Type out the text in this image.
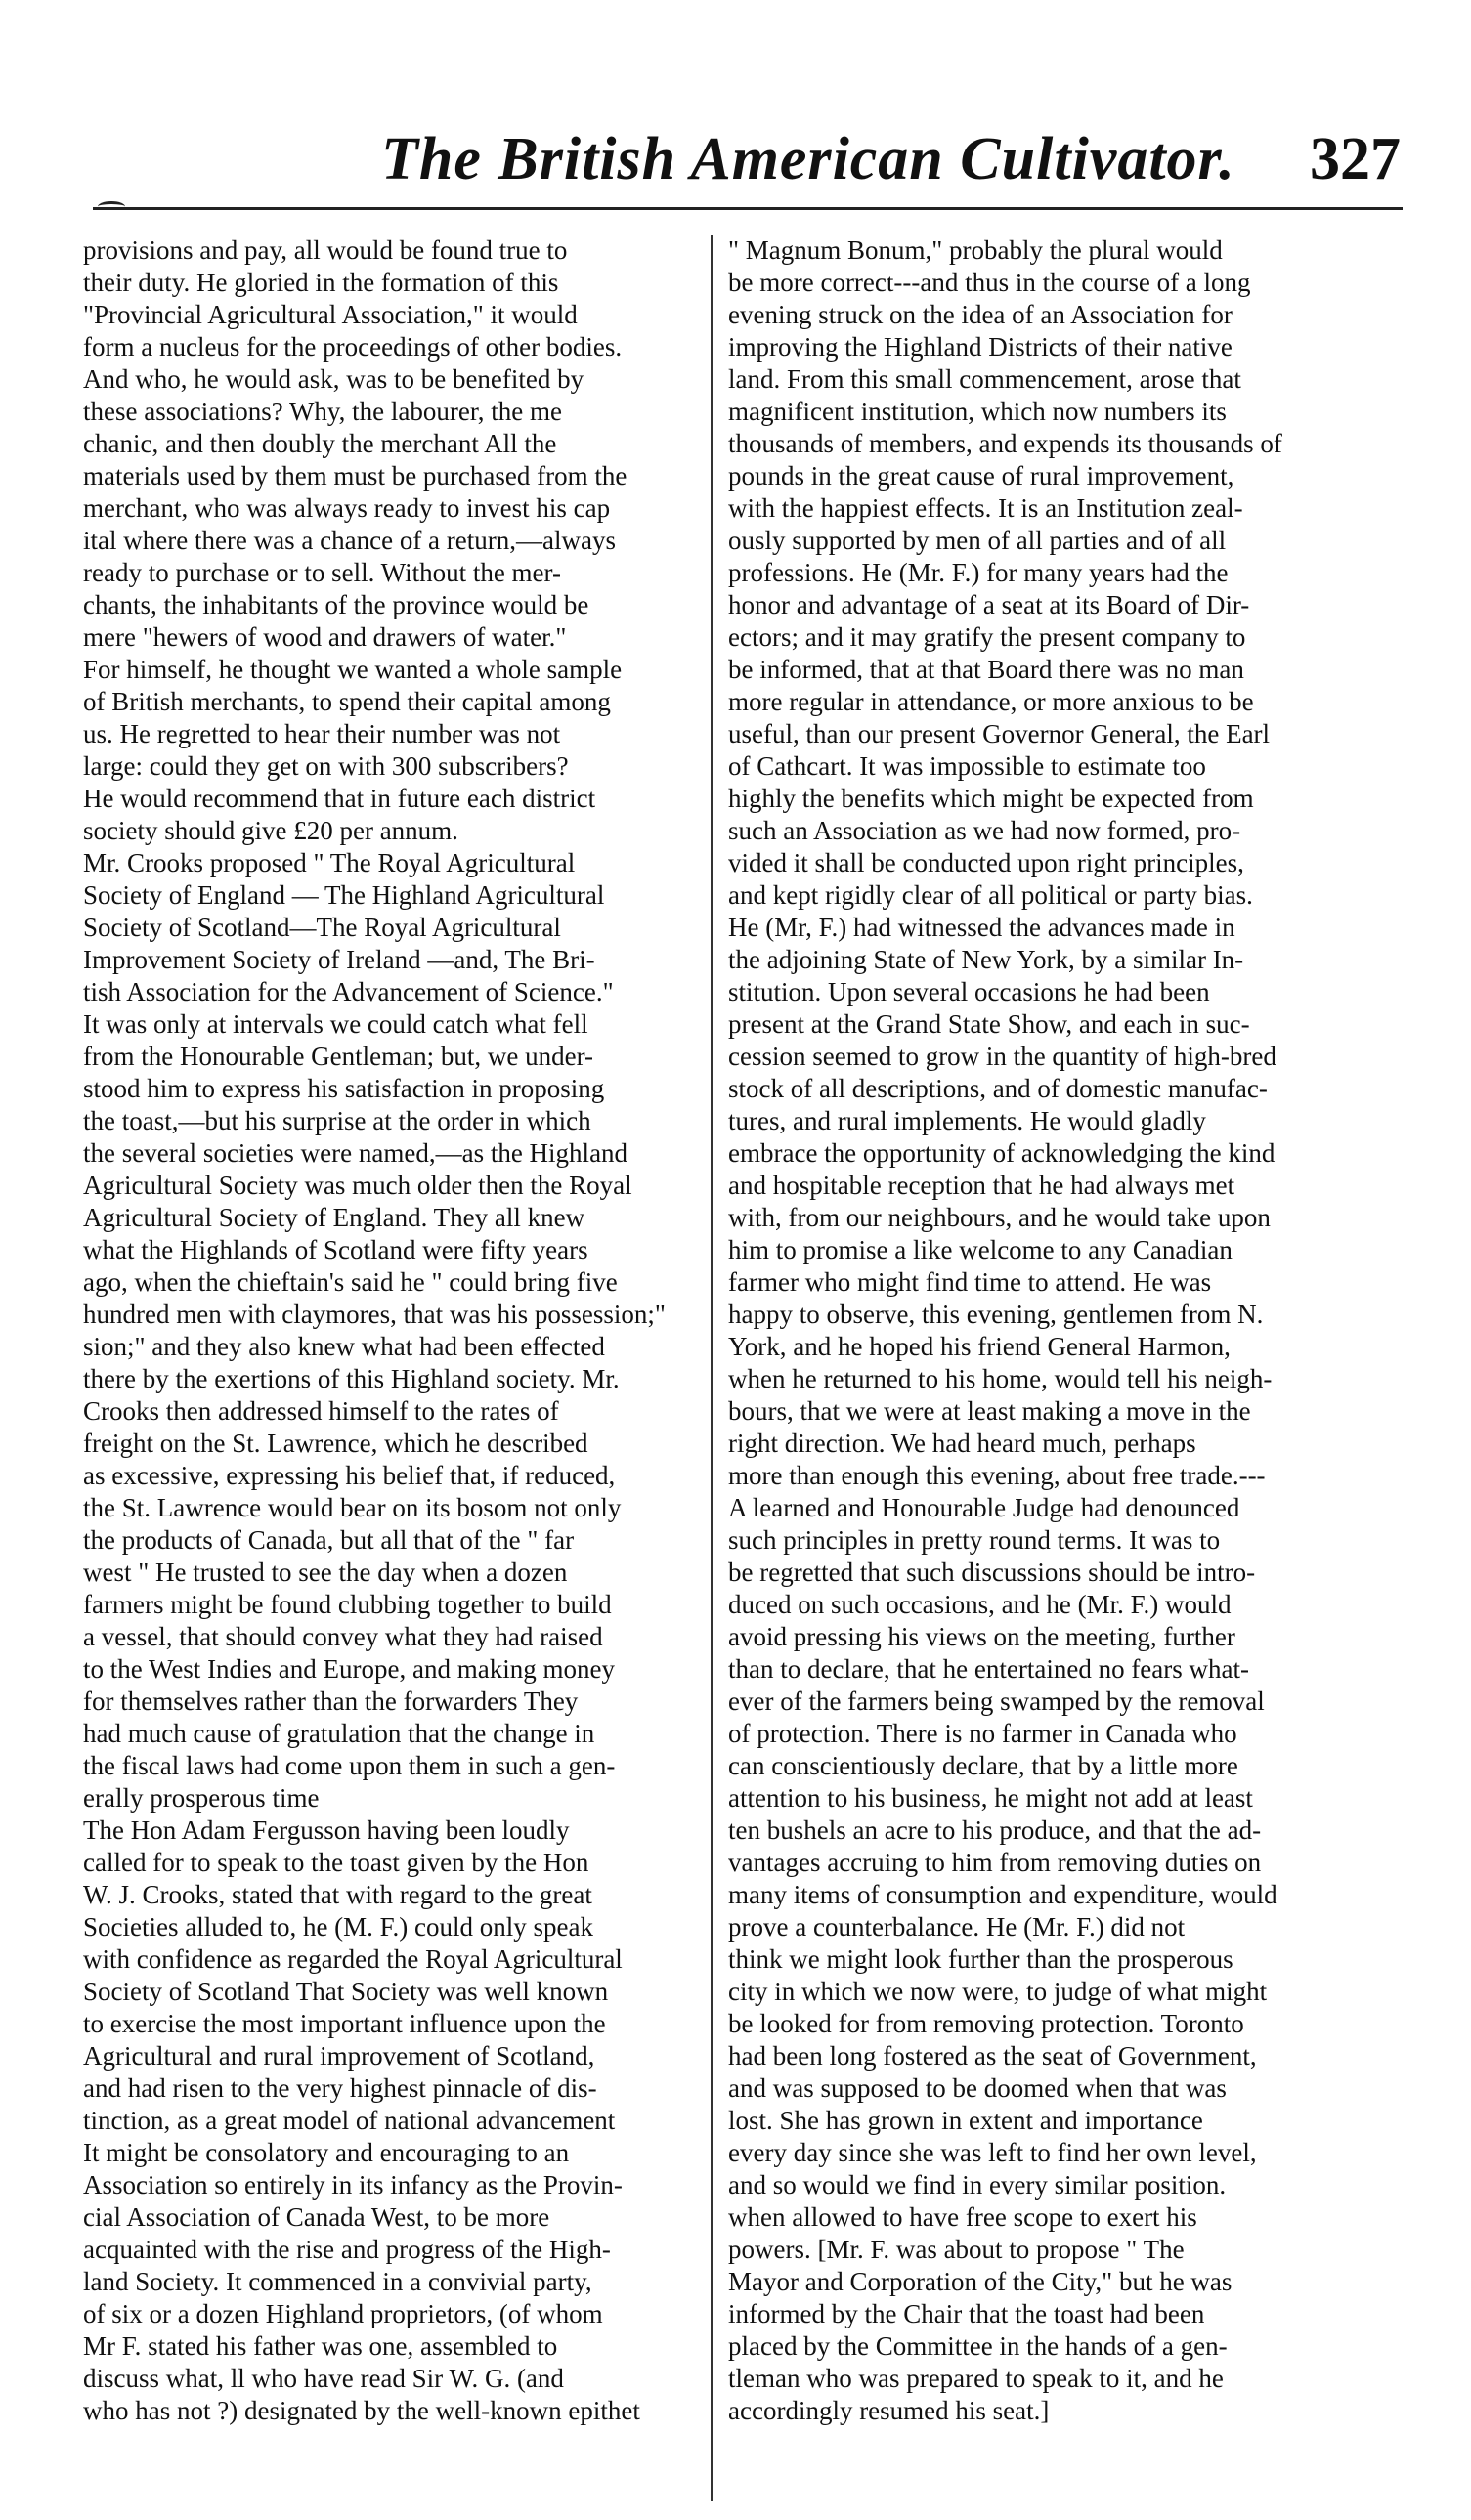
The British American Cultivator. 327
provisions and pay, all would be found true to
their duty. He gloried in the formation of this
"Provincial Agricultural Association," it would
form a nucleus for the proceedings of other bodies.
And who, he would ask, was to be benefited by
these associations? Why, the labourer, the me
chanic, and then doubly the merchant All the
materials used by them must be purchased from the
merchant, who was always ready to invest his cap
ital where there was a chance of a return,—always
ready to purchase or to sell. Without the mer-
chants, the inhabitants of the province would be
mere "hewers of wood and drawers of water."
For himself, he thought we wanted a whole sample
of British merchants, to spend their capital among
us. He regretted to hear their number was not
large: could they get on with 300 subscribers?
He would recommend that in future each district
society should give £20 per annum.
Mr. Crooks proposed " The Royal Agricultural
Society of England — The Highland Agricultural
Society of Scotland—The Royal Agricultural
Improvement Society of Ireland —and, The Bri-
tish Association for the Advancement of Science."
It was only at intervals we could catch what fell
from the Honourable Gentleman; but, we under-
stood him to express his satisfaction in proposing
the toast,—but his surprise at the order in which
the several societies were named,—as the Highland
Agricultural Society was much older then the Royal
Agricultural Society of England. They all knew
what the Highlands of Scotland were fifty years
ago, when the chieftain's said he " could bring five
hundred men with claymores, that was his possession;"
sion;" and they also knew what had been effected
there by the exertions of this Highland society. Mr.
Crooks then addressed himself to the rates of
freight on the St. Lawrence, which he described
as excessive, expressing his belief that, if reduced,
the St. Lawrence would bear on its bosom not only
the products of Canada, but all that of the " far
west " He trusted to see the day when a dozen
farmers might be found clubbing together to build
a vessel, that should convey what they had raised
to the West Indies and Europe, and making money
for themselves rather than the forwarders They
had much cause of gratulation that the change in
the fiscal laws had come upon them in such a gen-
erally prosperous time
The Hon Adam Fergusson having been loudly
called for to speak to the toast given by the Hon
W. J. Crooks, stated that with regard to the great
Societies alluded to, he (M. F.) could only speak
with confidence as regarded the Royal Agricultural
Society of Scotland That Society was well known
to exercise the most important influence upon the
Agricultural and rural improvement of Scotland,
and had risen to the very highest pinnacle of dis-
tinction, as a great model of national advancement
It might be consolatory and encouraging to an
Association so entirely in its infancy as the Provin-
cial Association of Canada West, to be more
acquainted with the rise and progress of the High-
land Society. It commenced in a convivial party,
of six or a dozen Highland proprietors, (of whom
Mr F. stated his father was one, assembled to
discuss what, ll who have read Sir W. G. (and
who has not ?) designated by the well-known epithet
" Magnum Bonum," probably the plural would
be more correct---and thus in the course of a long
evening struck on the idea of an Association for
improving the Highland Districts of their native
land. From this small commencement, arose that
magnificent institution, which now numbers its
thousands of members, and expends its thousands of
pounds in the great cause of rural improvement,
with the happiest effects. It is an Institution zeal-
ously supported by men of all parties and of all
professions. He (Mr. F.) for many years had the
honor and advantage of a seat at its Board of Dir-
ectors; and it may gratify the present company to
be informed, that at that Board there was no man
more regular in attendance, or more anxious to be
useful, than our present Governor General, the Earl
of Cathcart. It was impossible to estimate too
highly the benefits which might be expected from
such an Association as we had now formed, pro-
vided it shall be conducted upon right principles,
and kept rigidly clear of all political or party bias.
He (Mr, F.) had witnessed the advances made in
the adjoining State of New York, by a similar In-
stitution. Upon several occasions he had been
present at the Grand State Show, and each in suc-
cession seemed to grow in the quantity of high-bred
stock of all descriptions, and of domestic manufac-
tures, and rural implements. He would gladly
embrace the opportunity of acknowledging the kind
and hospitable reception that he had always met
with, from our neighbours, and he would take upon
him to promise a like welcome to any Canadian
farmer who might find time to attend. He was
happy to observe, this evening, gentlemen from N.
York, and he hoped his friend General Harmon,
when he returned to his home, would tell his neigh-
bours, that we were at least making a move in the
right direction. We had heard much, perhaps
more than enough this evening, about free trade.---
A learned and Honourable Judge had denounced
such principles in pretty round terms. It was to
be regretted that such discussions should be intro-
duced on such occasions, and he (Mr. F.) would
avoid pressing his views on the meeting, further
than to declare, that he entertained no fears what-
ever of the farmers being swamped by the removal
of protection. There is no farmer in Canada who
can conscientiously declare, that by a little more
attention to his business, he might not add at least
ten bushels an acre to his produce, and that the ad-
vantages accruing to him from removing duties on
many items of consumption and expenditure, would
prove a counterbalance. He (Mr. F.) did not
think we might look further than the prosperous
city in which we now were, to judge of what might
be looked for from removing protection. Toronto
had been long fostered as the seat of Government,
and was supposed to be doomed when that was
lost. She has grown in extent and importance
every day since she was left to find her own level,
and so would we find in every similar position.
when allowed to have free scope to exert his
powers. [Mr. F. was about to propose " The
Mayor and Corporation of the City," but he was
informed by the Chair that the toast had been
placed by the Committee in the hands of a gen-
tleman who was prepared to speak to it, and he
accordingly resumed his seat.]
